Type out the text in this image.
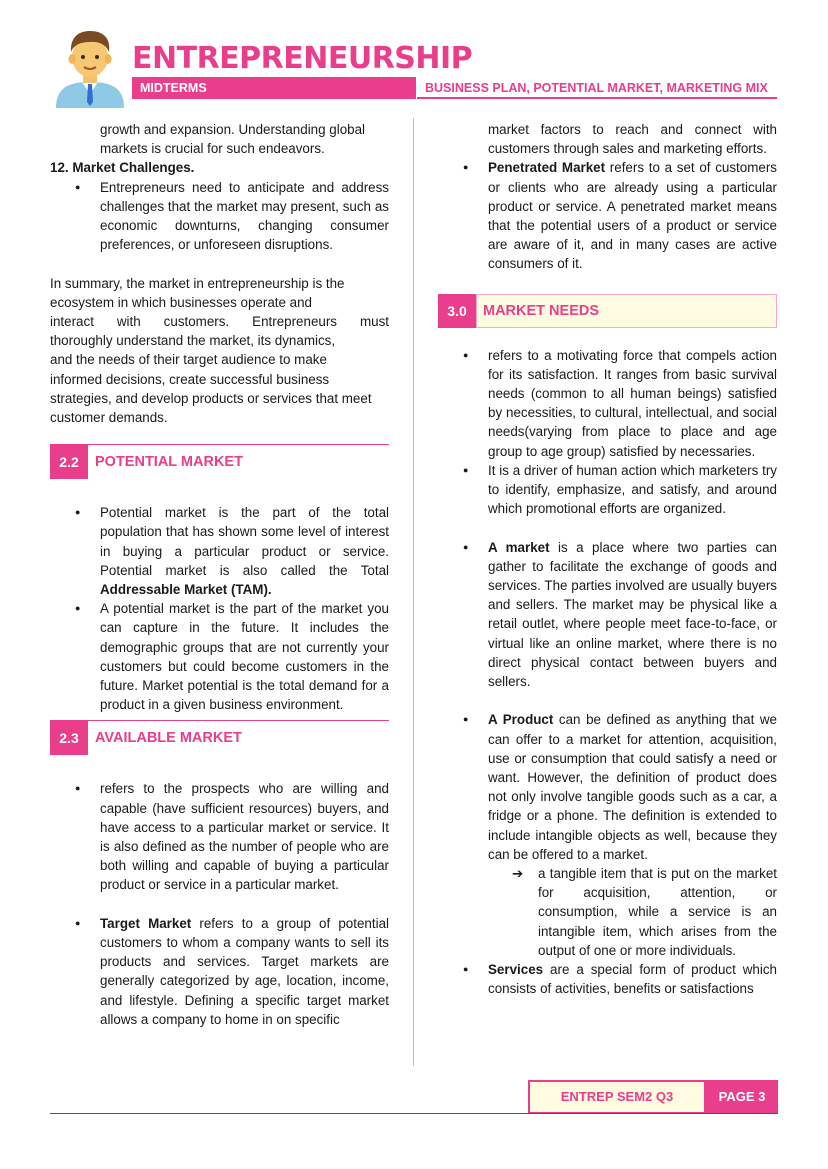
ENTREPRENEURSHIP
MIDTERMS	BUSINESS PLAN, POTENTIAL MARKET, MARKETING MIX

growth and expansion. Understanding global

markets is crucial for such endeavors.

12. Market Challenges.

● Entrepreneurs need to anticipate and address challenges that the market may present, such as economic downturns, changing consumer preferences, or unforeseen disruptions.

In summary, the market in entrepreneurship is the

ecosystem in which businesses operate and

interact with customers. Entrepreneurs must

thoroughly understand the market, its dynamics,

and the needs of their target audience to make

informed decisions, create successful business

strategies, and develop products or services that meet

customer demands.

2.2	POTENTIAL MARKET
● Potential market is the part of the total population that has shown some level of interest in buying a particular product or service. Potential market is also called the Total Addressable Market (TAM).
● A potential market is the part of the market you can capture in the future. It includes the demographic groups that are not currently your customers but could become customers in the future. Market potential is the total demand for a product in a given business environment.
2.3	AVAILABLE MARKET
● refers to the prospects who are willing and capable (have sufficient resources) buyers, and have access to a particular market or service. It is also defined as the number of people who are both willing and capable of buying a particular product or service in a particular market.
● Target Market refers to a group of potential customers to whom a company wants to sell its products and services. Target markets are generally categorized by age, location, income, and lifestyle. Defining a specific target market allows a company to home in on specific

market factors to reach and connect with customers through sales and marketing efforts.

● Penetrated Market refers to a set of customers or clients who are already using a particular product or service. A penetrated market means that the potential users of a product or service are aware of it, and in many cases are active consumers of it.
3.0	MARKET NEEDS
● refers to a motivating force that compels action for its satisfaction. It ranges from basic survival needs (common to all human beings) satisfied by necessities, to cultural, intellectual, and social needs(varying from place to place and age group to age group) satisfied by necessaries.
● It is a driver of human action which marketers try to identify, emphasize, and satisfy, and around which promotional efforts are organized.
● A market is a place where two parties can gather to facilitate the exchange of goods and services. The parties involved are usually buyers and sellers. The market may be physical like a retail outlet, where people meet face-to-face, or virtual like an online market, where there is no direct physical contact between buyers and sellers.
● A Product can be defined as anything that we can offer to a market for attention, acquisition, use or consumption that could satisfy a need or want. However, the definition of product does not only involve tangible goods such as a car, a fridge or a phone. The definition is extended to include intangible objects as well, because they can be offered to a market.
➔ a tangible item that is put on the market for acquisition, attention, or consumption, while a service is an intangible item, which arises from the output of one or more individuals.
● Services are a special form of product which consists of activities, benefits or satisfactions
ENTREP SEM2 Q3	PAGE 3
